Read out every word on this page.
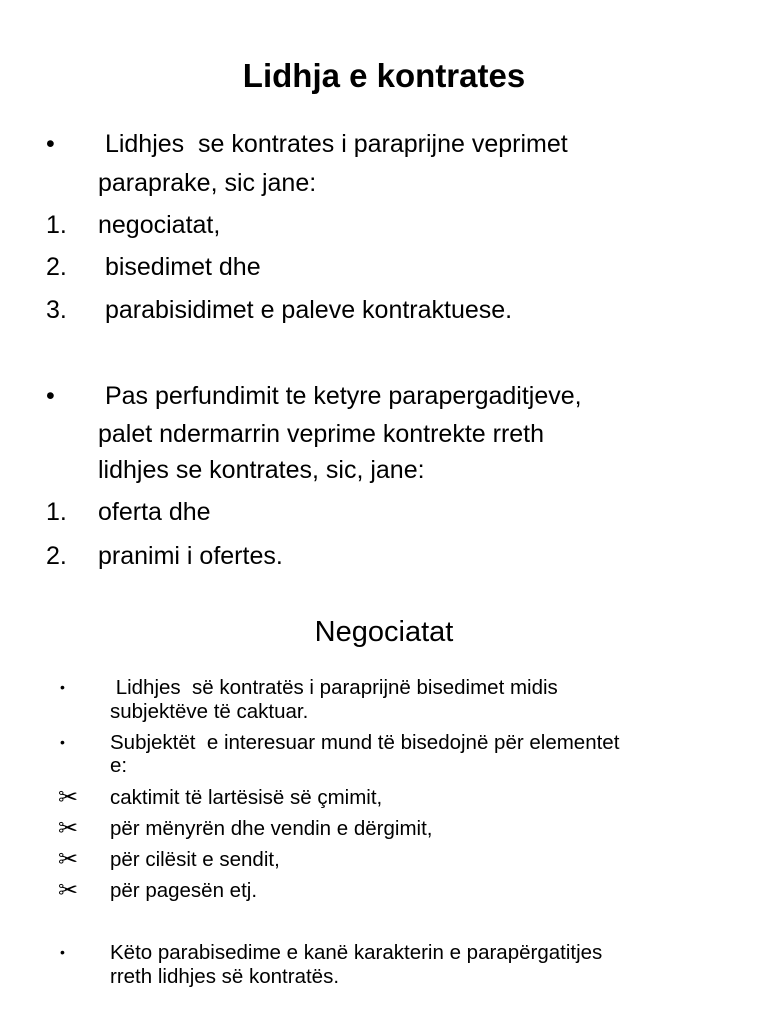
Lidhja e kontrates
• Lidhjes  se kontrates i paraprijne veprimet
paraprake, sic jane:
1. negociatat,
2. bisedimet dhe
3. parabisidimet e paleve kontraktuese.
• Pas perfundimit te ketyre parapergaditjeve,
palet ndermarrin veprime kontrekte rreth
lidhjes se kontrates, sic, jane:
1. oferta dhe
2. pranimi i ofertes.
Negociatat
• Lidhjes  së kontratës i paraprijnë bisedimet midis
subjektëve të caktuar.
• Subjektët  e interesuar mund të bisedojnë për elementet
e:
✂ caktimit të lartësisë së çmimit,
✂ për mënyrën dhe vendin e dërgimit,
✂ për cilësit e sendit,
✂ për pagesën etj.
• Këto parabisedime e kanë karakterin e parapërgatitjes
rreth lidhjes së kontratës.
